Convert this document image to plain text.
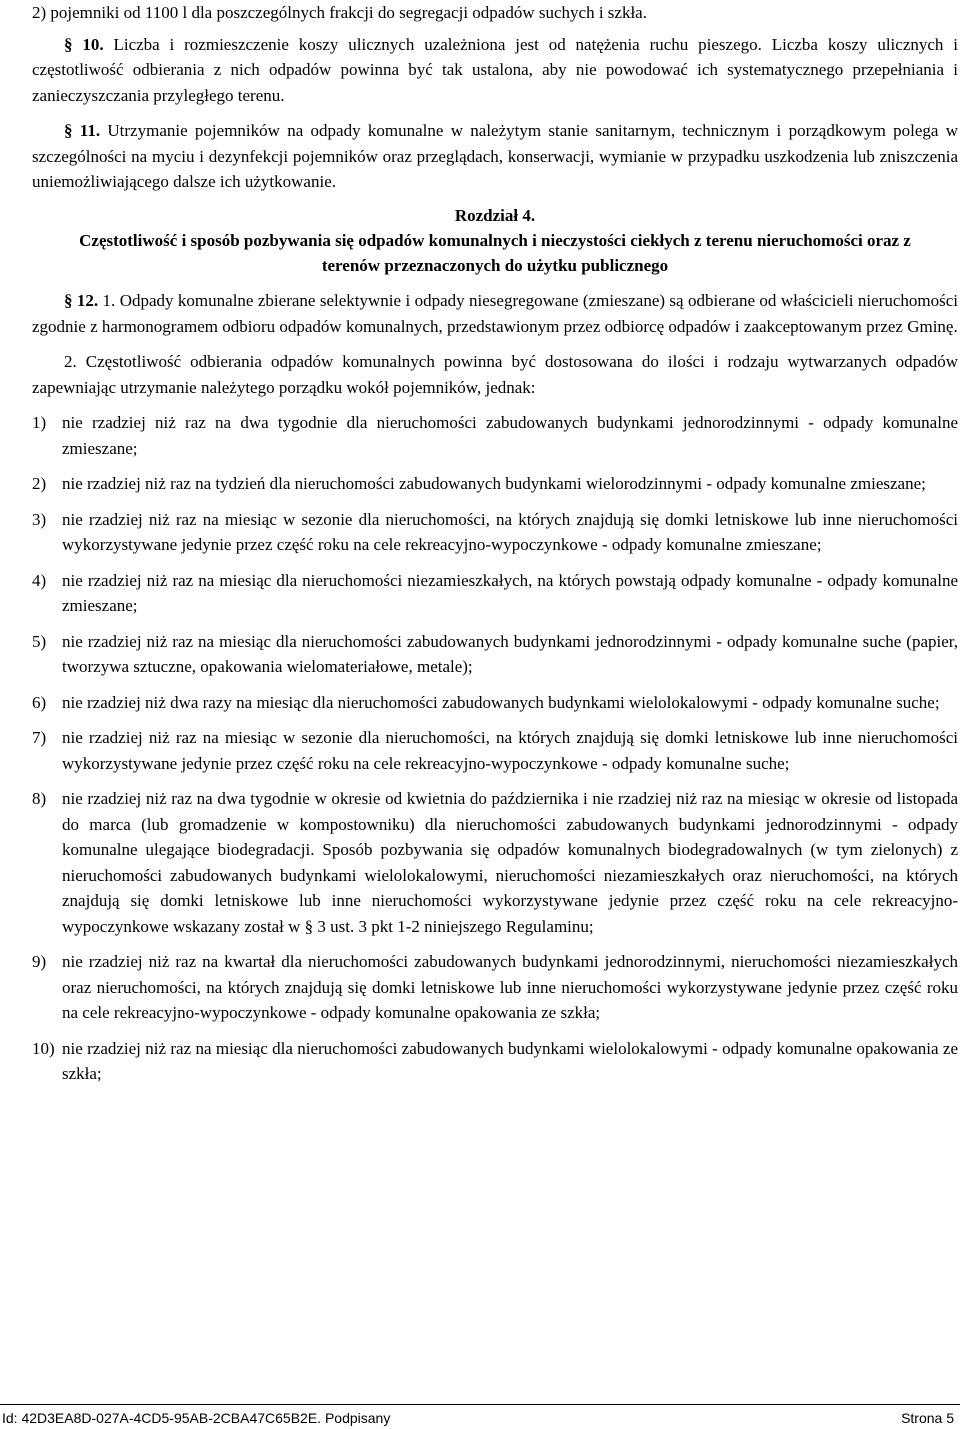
2) pojemniki od 1100 l dla poszczególnych frakcji do segregacji odpadów suchych i szkła.

§ 10. Liczba i rozmieszczenie koszy ulicznych uzależniona jest od natężenia ruchu pieszego. Liczba koszy ulicznych i częstotliwość odbierania z nich odpadów powinna być tak ustalona, aby nie powodować ich systematycznego przepełniania i zanieczyszczania przyległego terenu.

§ 11. Utrzymanie pojemników na odpady komunalne w należytym stanie sanitarnym, technicznym i porządkowym polega w szczególności na myciu i dezynfekcji pojemników oraz przeglądach, konserwacji, wymianie w przypadku uszkodzenia lub zniszczenia uniemożliwiającego dalsze ich użytkowanie.

Rozdział 4.

Częstotliwość i sposób pozbywania się odpadów komunalnych i nieczystości ciekłych z terenu nieruchomości oraz z terenów przeznaczonych do użytku publicznego

§ 12. 1. Odpady komunalne zbierane selektywnie i odpady niesegregowane (zmieszane) są odbierane od właścicieli nieruchomości zgodnie z harmonogramem odbioru odpadów komunalnych, przedstawionym przez odbiorcę odpadów i zaakceptowanym przez Gminę.

2. Częstotliwość odbierania odpadów komunalnych powinna być dostosowana do ilości i rodzaju wytwarzanych odpadów zapewniając utrzymanie należytego porządku wokół pojemników, jednak:

1) nie rzadziej niż raz na dwa tygodnie dla nieruchomości zabudowanych budynkami jednorodzinnymi - odpady komunalne zmieszane;
2) nie rzadziej niż raz na tydzień dla nieruchomości zabudowanych budynkami wielorodzinnymi - odpady komunalne zmieszane;
3) nie rzadziej niż raz na miesiąc w sezonie dla nieruchomości, na których znajdują się domki letniskowe lub inne nieruchomości wykorzystywane jedynie przez część roku na cele rekreacyjno-wypoczynkowe - odpady komunalne zmieszane;
4) nie rzadziej niż raz na miesiąc dla nieruchomości niezamieszkałych, na których powstają odpady komunalne - odpady komunalne zmieszane;
5) nie rzadziej niż raz na miesiąc dla nieruchomości zabudowanych budynkami jednorodzinnymi - odpady komunalne suche (papier, tworzywa sztuczne, opakowania wielomateriałowe, metale);
6) nie rzadziej niż dwa razy na miesiąc dla nieruchomości zabudowanych budynkami wielolokalowymi - odpady komunalne suche;
7) nie rzadziej niż raz na miesiąc w sezonie dla nieruchomości, na których znajdują się domki letniskowe lub inne nieruchomości wykorzystywane jedynie przez część roku na cele rekreacyjno-wypoczynkowe - odpady komunalne suche;
8) nie rzadziej niż raz na dwa tygodnie w okresie od kwietnia do października i nie rzadziej niż raz na miesiąc w okresie od listopada do marca (lub gromadzenie w kompostowniku) dla nieruchomości zabudowanych budynkami jednorodzinnymi - odpady komunalne ulegające biodegradacji. Sposób pozbywania się odpadów komunalnych biodegradowalnych (w tym zielonych) z nieruchomości zabudowanych budynkami wielolokalowymi, nieruchomości niezamieszkałych oraz nieruchomości, na których znajdują się domki letniskowe lub inne nieruchomości wykorzystywane jedynie przez część roku na cele rekreacyjno-wypoczynkowe wskazany został w § 3 ust. 3 pkt 1-2 niniejszego Regulaminu;
9) nie rzadziej niż raz na kwartał dla nieruchomości zabudowanych budynkami jednorodzinnymi, nieruchomości niezamieszkałych oraz nieruchomości, na których znajdują się domki letniskowe lub inne nieruchomości wykorzystywane jedynie przez część roku na cele rekreacyjno-wypoczynkowe - odpady komunalne opakowania ze szkła;
10) nie rzadziej niż raz na miesiąc dla nieruchomości zabudowanych budynkami wielolokalowymi - odpady komunalne opakowania ze szkła;
Id: 42D3EA8D-027A-4CD5-95AB-2CBA47C65B2E. Podpisany	Strona 5
